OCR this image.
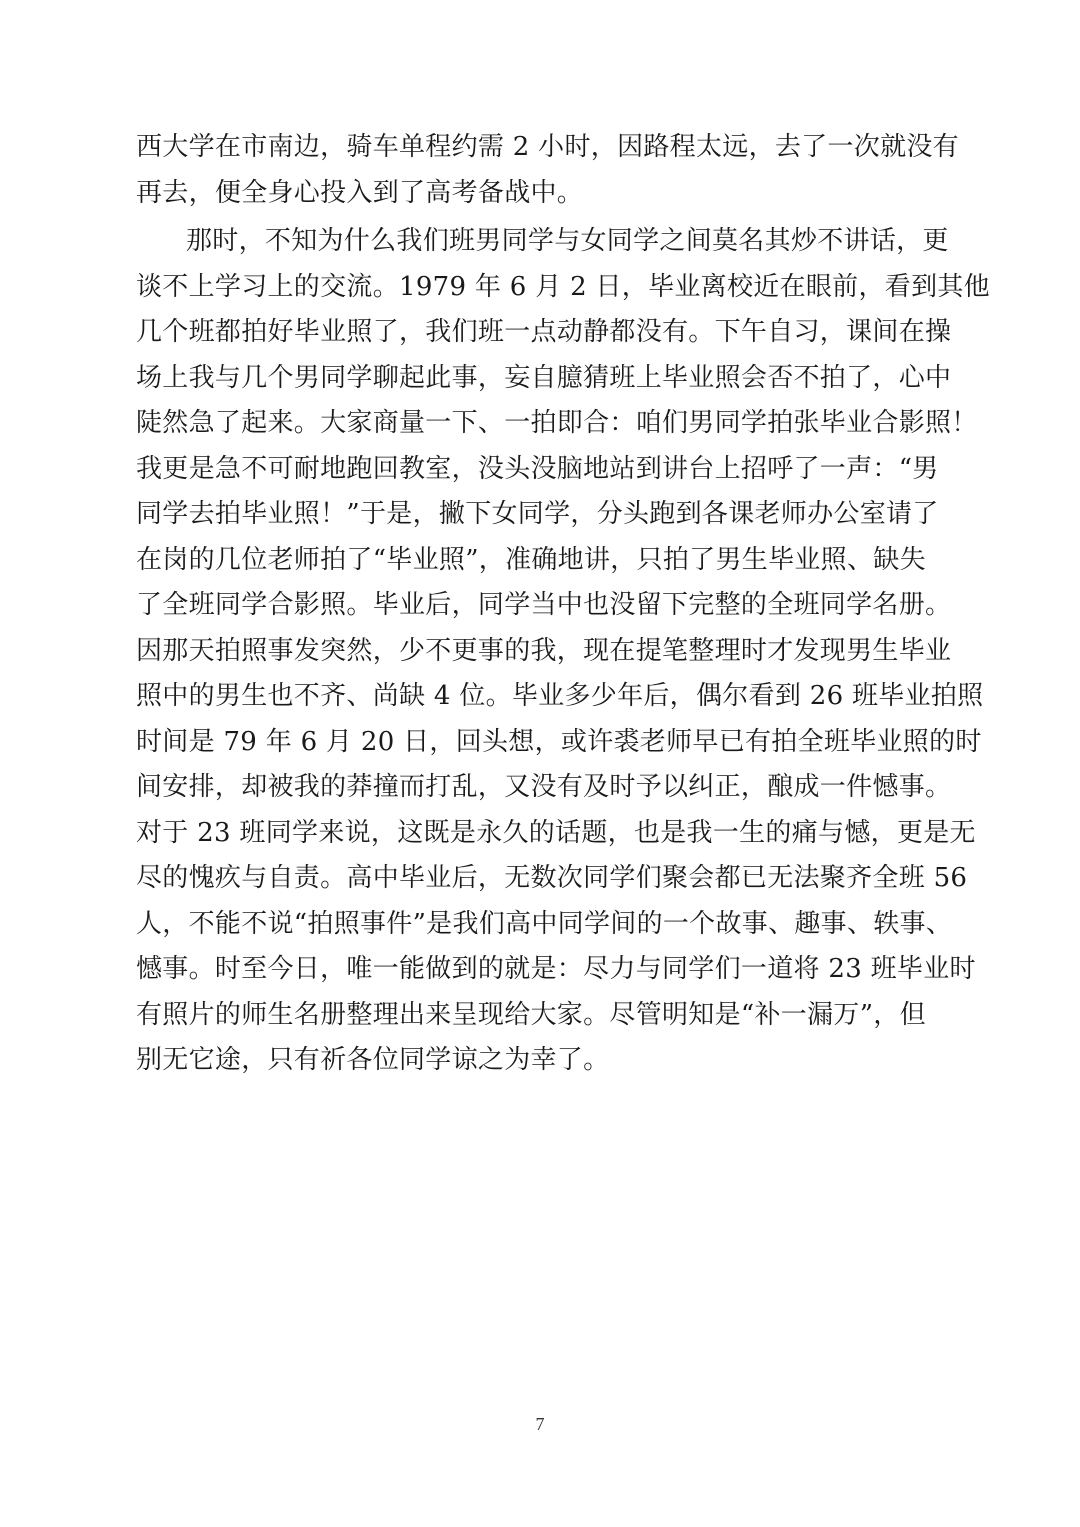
西大学在市南边，骑车单程约需 2 小时，因路程太远，去了一次就没有
再去，便全身心投入到了高考备战中。
那时，不知为什么我们班男同学与女同学之间莫名其炒不讲话，更
谈不上学习上的交流。1979 年 6 月 2 日，毕业离校近在眼前，看到其他
几个班都拍好毕业照了，我们班一点动静都没有。下午自习，课间在操
场上我与几个男同学聊起此事，妄自臆猜班上毕业照会否不拍了，心中
陡然急了起来。大家商量一下、一拍即合：咱们男同学拍张毕业合影照！
我更是急不可耐地跑回教室，没头没脑地站到讲台上招呼了一声：“男
同学去拍毕业照！”于是，撇下女同学，分头跑到各课老师办公室请了
在岗的几位老师拍了“毕业照”，准确地讲，只拍了男生毕业照、缺失
了全班同学合影照。毕业后，同学当中也没留下完整的全班同学名册。
因那天拍照事发突然，少不更事的我，现在提笔整理时才发现男生毕业
照中的男生也不齐、尚缺 4 位。毕业多少年后，偶尔看到 26 班毕业拍照
时间是 79 年 6 月 20 日，回头想，或许裘老师早已有拍全班毕业照的时
间安排，却被我的莽撞而打乱，又没有及时予以纠正，酿成一件憾事。
对于 23 班同学来说，这既是永久的话题，也是我一生的痛与憾，更是无
尽的愧疚与自责。高中毕业后，无数次同学们聚会都已无法聚齐全班 56
人，不能不说“拍照事件”是我们高中同学间的一个故事、趣事、轶事、
憾事。时至今日，唯一能做到的就是：尽力与同学们一道将 23 班毕业时
有照片的师生名册整理出来呈现给大家。尽管明知是“补一漏万”，但
别无它途，只有祈各位同学谅之为幸了。
7
